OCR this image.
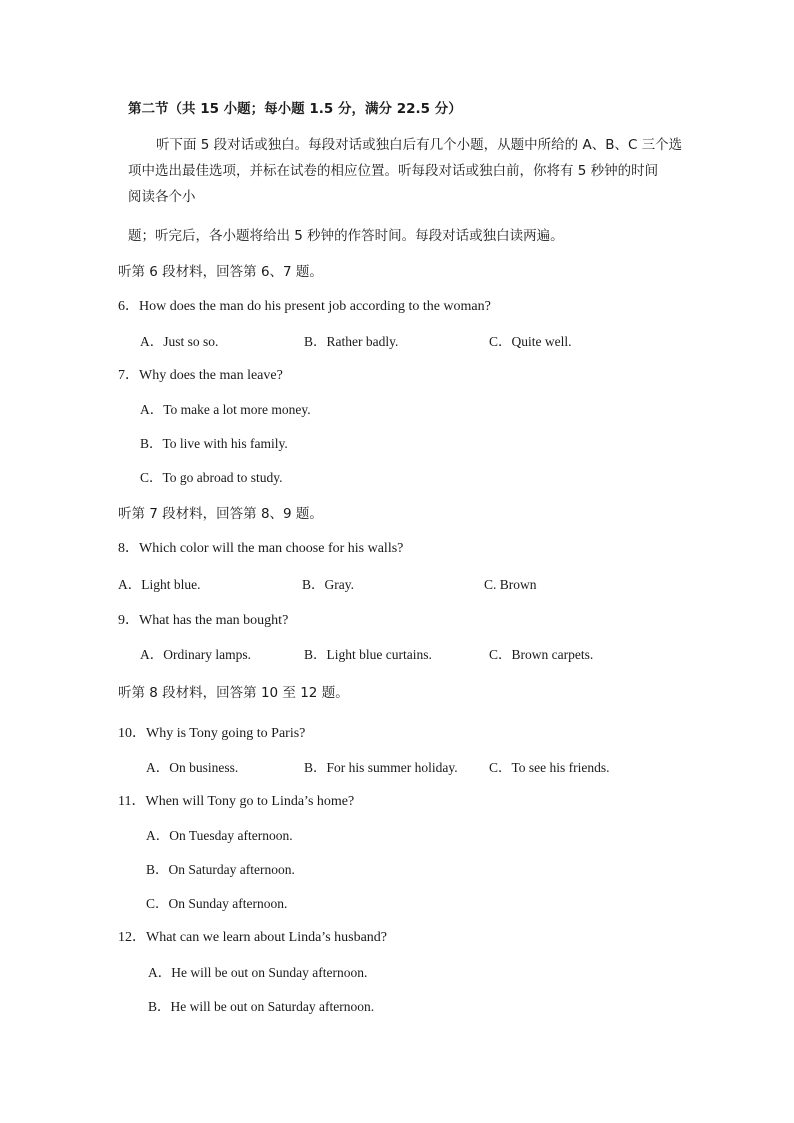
第二节（共 15 小题；每小题 1.5 分，满分 22.5 分）
听下面 5 段对话或独白。每段对话或独白后有几个小题，从题中所给的 A、B、C 三个选
项中选出最佳选项，并标在试卷的相应位置。听每段对话或独白前，你将有 5 秒钟的时间
阅读各个小
题；听完后，各小题将给出 5 秒钟的作答时间。每段对话或独白读两遍。
听第 6 段材料，回答第 6、7 题。
6．How does the man do his present job according to the woman?
A．Just so so.	B．Rather badly.	C．Quite well.
7．Why does the man leave?
A．To make a lot more money.
B．To live with his family.
C．To go abroad to study.
听第 7 段材料，回答第 8、9 题。
8．Which color will the man choose for his walls?
A．Light blue.	B．Gray.	C. Brown
9．What has the man bought?
A．Ordinary lamps.	B．Light blue curtains.	C．Brown carpets.
听第 8 段材料，回答第 10 至 12 题。
10．Why is Tony going to Paris?
A．On business.	B．For his summer holiday. C．To see his friends.
11．When will Tony go to Linda’s home?
A．On Tuesday afternoon.
B．On Saturday afternoon.
C．On Sunday afternoon.
12．What can we learn about Linda’s husband?
A．He will be out on Sunday afternoon.
B．He will be out on Saturday afternoon.
